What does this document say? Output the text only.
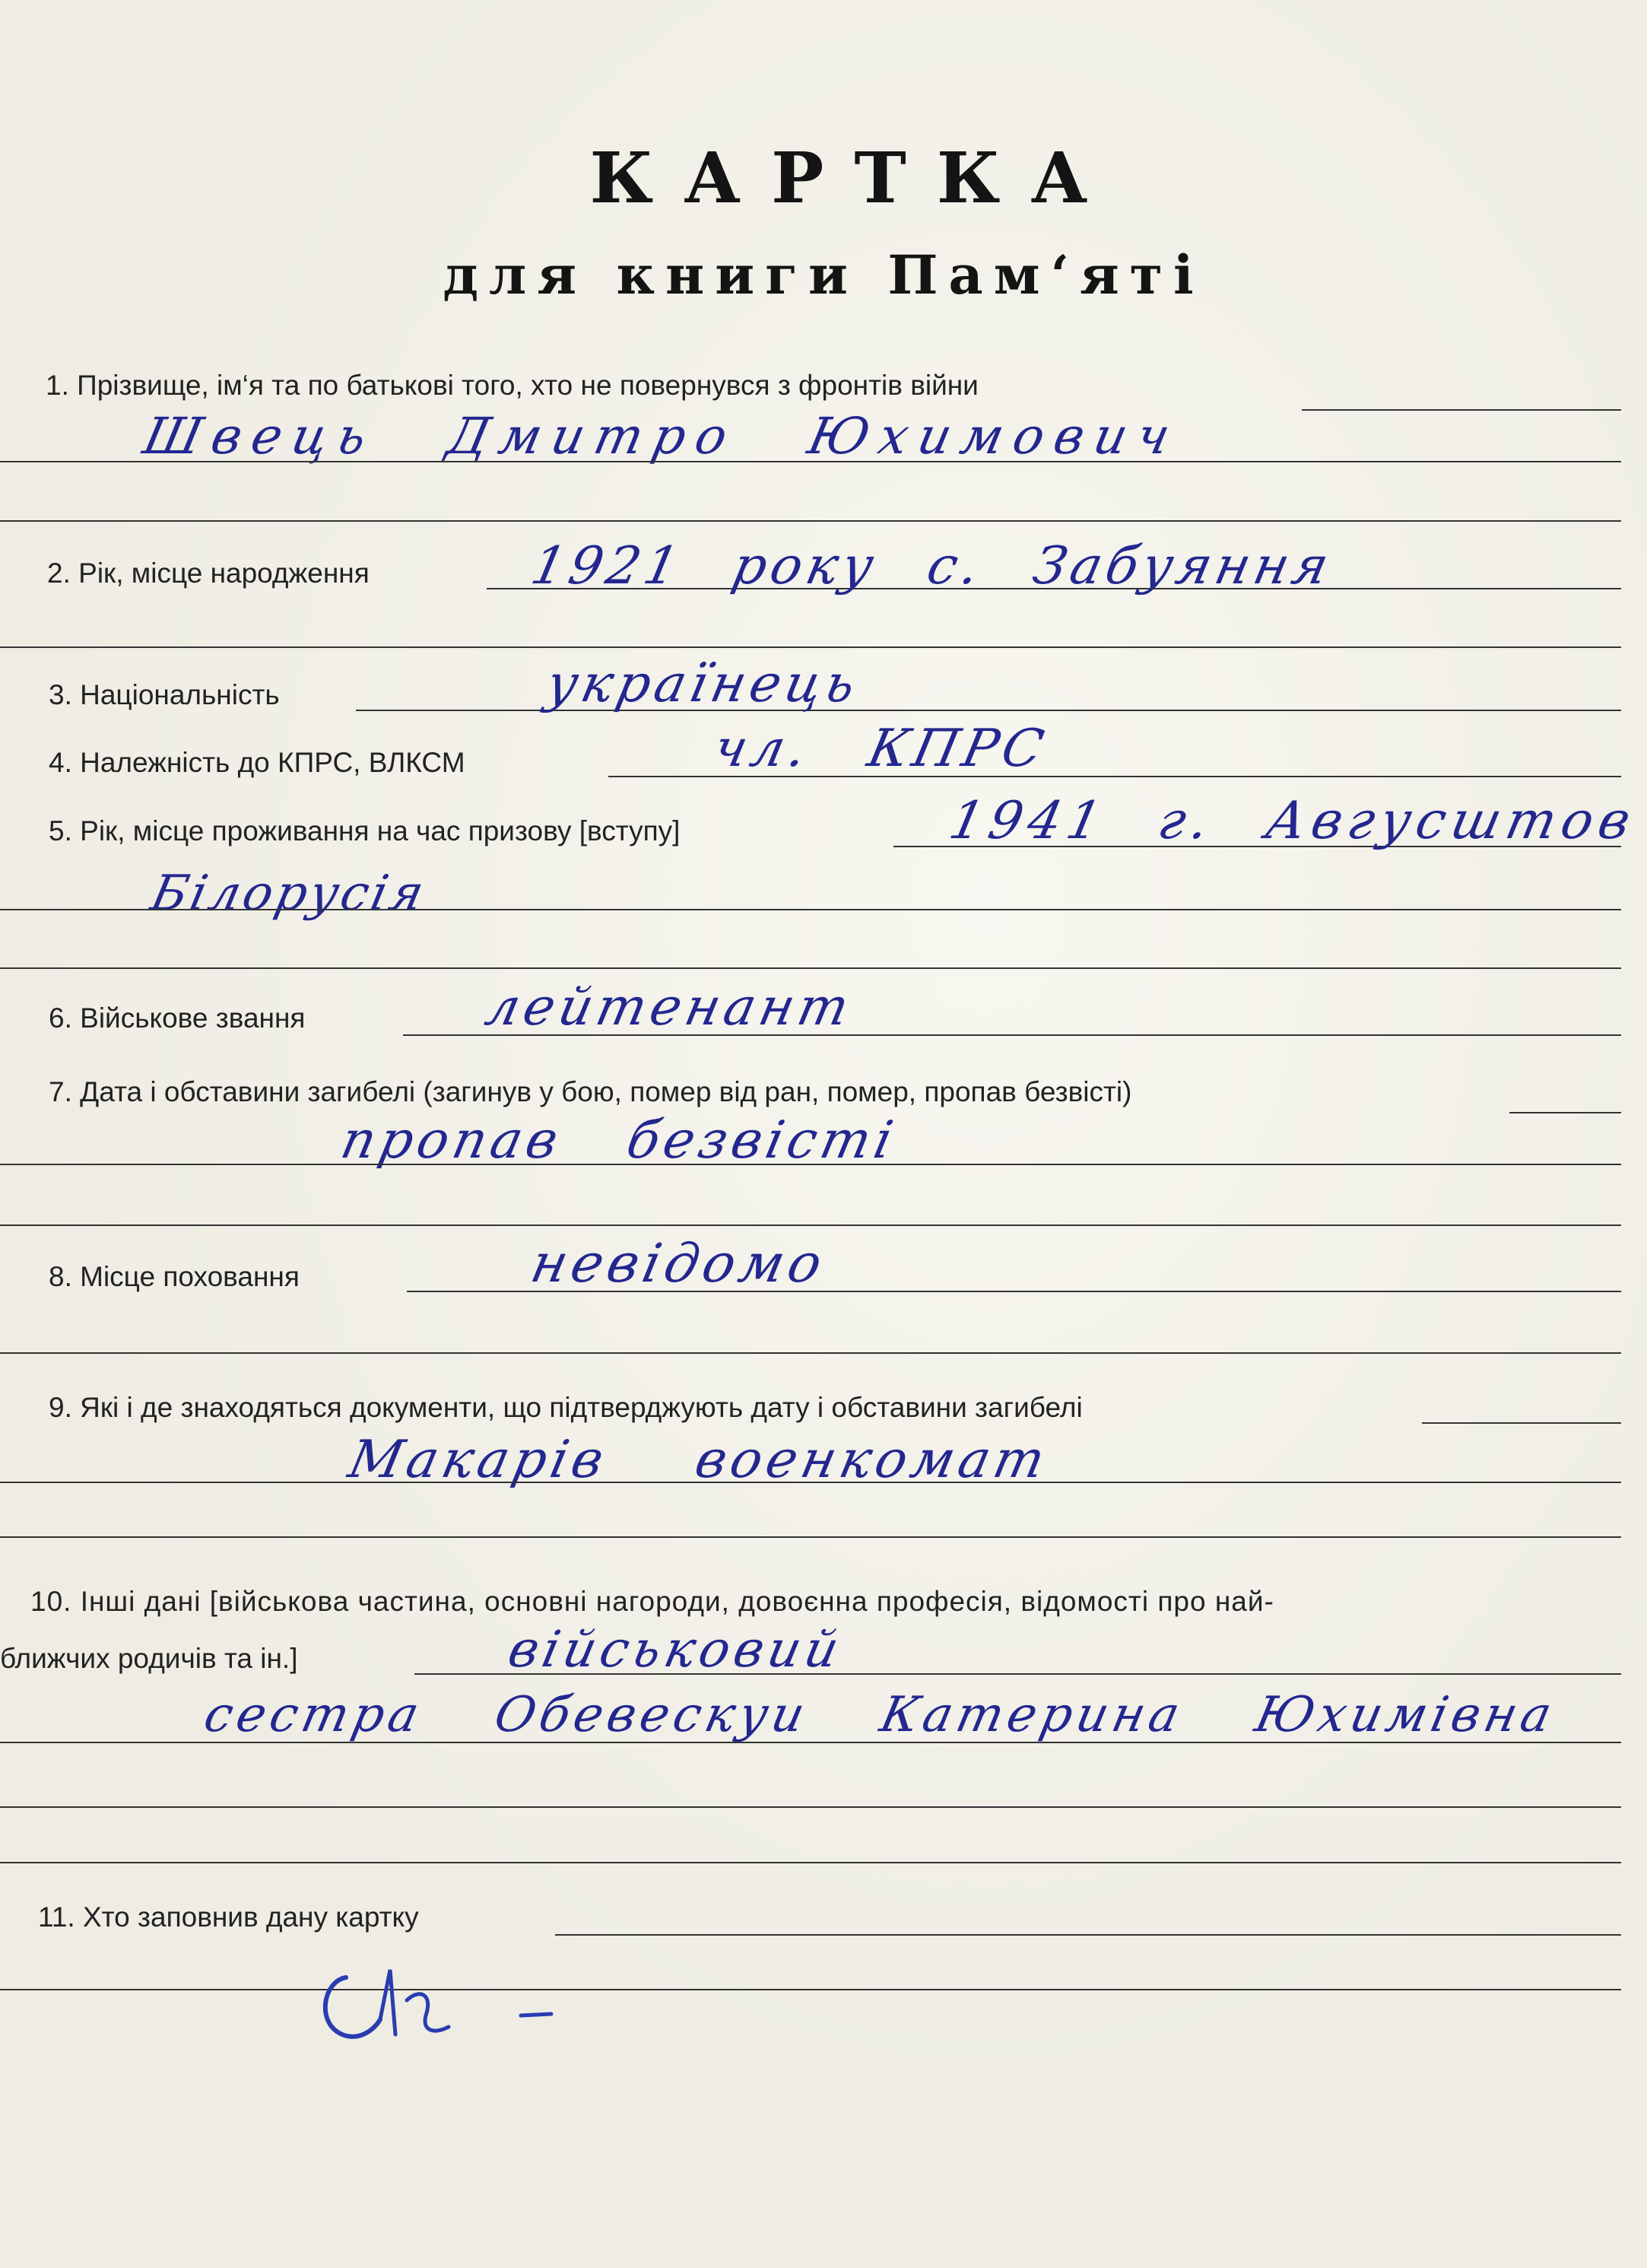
КАРТКА
для книги Пам‘яті
1. Прізвище, ім‘я та по батькові того, хто не повернувся з фронтів війни
Швець Дмитро Юхимович
2. Рік, місце народження	1921 року с. Забуяння
3. Національність	українець
4. Належність до КПРС, ВЛКСМ	чл. КПРС
5. Рік, місце проживання на час призову [вступу]	1941 г. Авгусштов
Білорусія
6. Військове звання	лейтенант
7. Дата і обставини загибелі (загинув у бою, помер від ран, помер, пропав безвісті)
пропав безвісті
8. Місце поховання	невідомо
9. Які і де знаходяться документи, що підтверджують дату і обставини загибелі
Макарів военкомат
10. Інші дані [військова частина, основні нагороди, довоєнна професія, відомості про най-
ближчих родичів та ін.]	військовий
сестра Обевескуи Катерина Юхимівна
11. Хто заповнив дану картку
